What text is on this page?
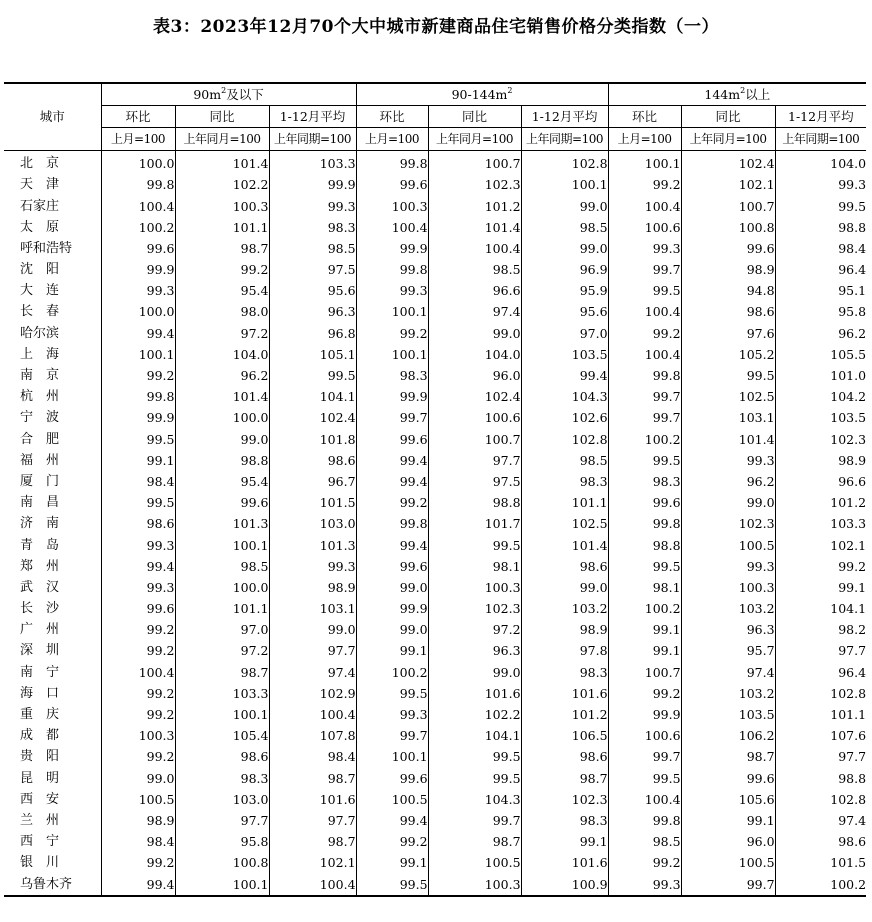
表3：2023年12月70个大中城市新建商品住宅销售价格分类指数（一）
城市	$90m^2$及以下			$90-144m^2$			$144m^2$以上		
	环比	同比	1-12月平均	环比	同比	1-12月平均	环比	同比	1-12月平均
	上月=100	上年同月=100	上年同期=100	上月=100	上年同月=100	上年同期=100	上月=100	上年同月=100	上年同期=100
北　京	100.0	101.4	103.3	99.8	100.7	102.8	100.1	102.4	104.0
天　津	99.8	102.2	99.9	99.6	102.3	100.1	99.2	102.1	99.3
石家庄	100.4	100.3	99.3	100.3	101.2	99.0	100.4	100.7	99.5
太　原	100.2	101.1	98.3	100.4	101.4	98.5	100.6	100.8	98.8
呼和浩特	99.6	98.7	98.5	99.9	100.4	99.0	99.3	99.6	98.4
沈　阳	99.9	99.2	97.5	99.8	98.5	96.9	99.7	98.9	96.4
大　连	99.3	95.4	95.6	99.3	96.6	95.9	99.5	94.8	95.1
长　春	100.0	98.0	96.3	100.1	97.4	95.6	100.4	98.6	95.8
哈尔滨	99.4	97.2	96.8	99.2	99.0	97.0	99.2	97.6	96.2
上　海	100.1	104.0	105.1	100.1	104.0	103.5	100.4	105.2	105.5
南　京	99.2	96.2	99.5	98.3	96.0	99.4	99.8	99.5	101.0
杭　州	99.8	101.4	104.1	99.9	102.4	104.3	99.7	102.5	104.2
宁　波	99.9	100.0	102.4	99.7	100.6	102.6	99.7	103.1	103.5
合　肥	99.5	99.0	101.8	99.6	100.7	102.8	100.2	101.4	102.3
福　州	99.1	98.8	98.6	99.4	97.7	98.5	99.5	99.3	98.9
厦　门	98.4	95.4	96.7	99.4	97.5	98.3	98.3	96.2	96.6
南　昌	99.5	99.6	101.5	99.2	98.8	101.1	99.6	99.0	101.2
济　南	98.6	101.3	103.0	99.8	101.7	102.5	99.8	102.3	103.3
青　岛	99.3	100.1	101.3	99.4	99.5	101.4	98.8	100.5	102.1
郑　州	99.4	98.5	99.3	99.6	98.1	98.6	99.5	99.3	99.2
武　汉	99.3	100.0	98.9	99.0	100.3	99.0	98.1	100.3	99.1
长　沙	99.6	101.1	103.1	99.9	102.3	103.2	100.2	103.2	104.1
广　州	99.2	97.0	99.0	99.0	97.2	98.9	99.1	96.3	98.2
深　圳	99.2	97.2	97.7	99.1	96.3	97.8	99.1	95.7	97.7
南　宁	100.4	98.7	97.4	100.2	99.0	98.3	100.7	97.4	96.4
海　口	99.2	103.3	102.9	99.5	101.6	101.6	99.2	103.2	102.8
重　庆	99.2	100.1	100.4	99.3	102.2	101.2	99.9	103.5	101.1
成　都	100.3	105.4	107.8	99.7	104.1	106.5	100.6	106.2	107.6
贵　阳	99.2	98.6	98.4	100.1	99.5	98.6	99.7	98.7	97.7
昆　明	99.0	98.3	98.7	99.6	99.5	98.7	99.5	99.6	98.8
西　安	100.5	103.0	101.6	100.5	104.3	102.3	100.4	105.6	102.8
兰　州	98.9	97.7	97.7	99.4	99.7	98.3	99.8	99.1	97.4
西　宁	98.4	95.8	98.7	99.2	98.7	99.1	98.5	96.0	98.6
银　川	99.2	100.8	102.1	99.1	100.5	101.6	99.2	100.5	101.5
乌鲁木齐	99.4	100.1	100.4	99.5	100.3	100.9	99.3	99.7	100.2
